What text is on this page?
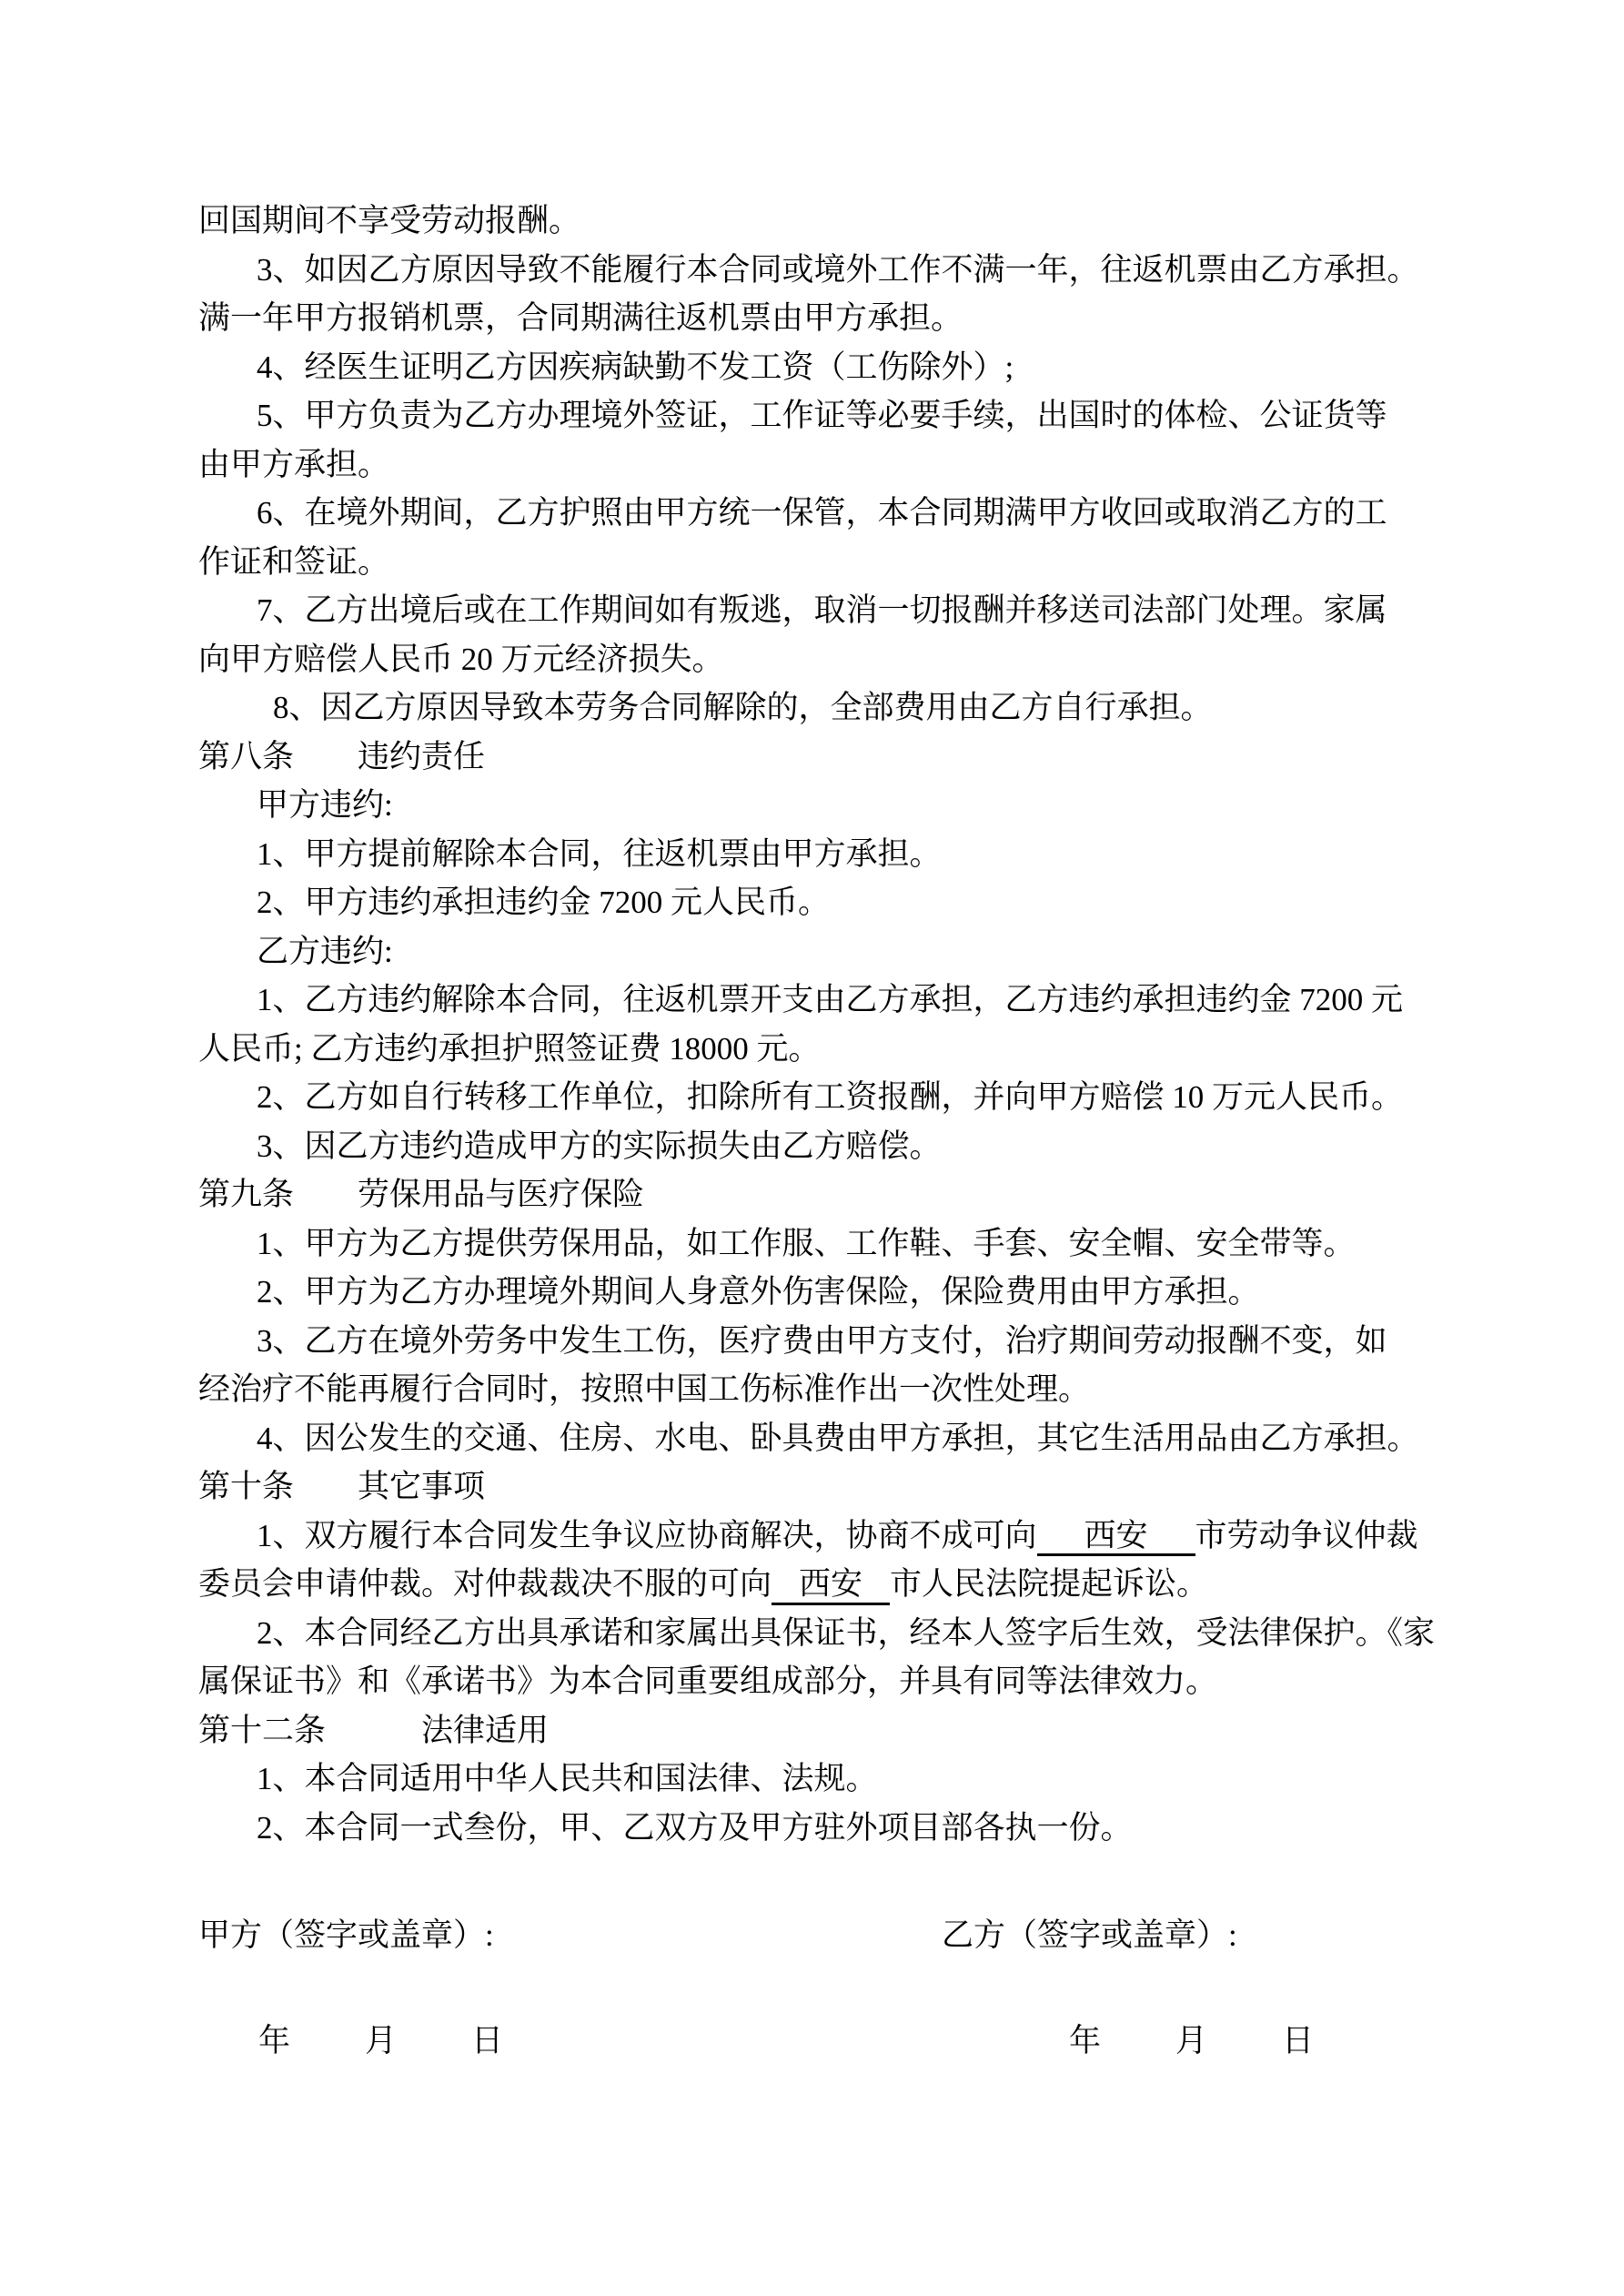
回国期间不享受劳动报酬。
3、如因乙方原因导致不能履行本合同或境外工作不满一年，往返机票由乙方承担。
满一年甲方报销机票，合同期满往返机票由甲方承担。
4、经医生证明乙方因疾病缺勤不发工资（工伤除外）;
5、甲方负责为乙方办理境外签证，工作证等必要手续，出国时的体检、公证货等
由甲方承担。
6、在境外期间，乙方护照由甲方统一保管，本合同期满甲方收回或取消乙方的工
作证和签证。
7、乙方出境后或在工作期间如有叛逃，取消一切报酬并移送司法部门处理。家属
向甲方赔偿人民币 20 万元经济损失。
8、因乙方原因导致本劳务合同解除的，全部费用由乙方自行承担。
第八条　　违约责任
甲方违约:
1、甲方提前解除本合同，往返机票由甲方承担。
2、甲方违约承担违约金 7200 元人民币。
乙方违约:
1、乙方违约解除本合同，往返机票开支由乙方承担，乙方违约承担违约金 7200 元
人民币; 乙方违约承担护照签证费 18000 元。
2、乙方如自行转移工作单位，扣除所有工资报酬，并向甲方赔偿 10 万元人民币。
3、因乙方违约造成甲方的实际损失由乙方赔偿。
第九条　　劳保用品与医疗保险
1、甲方为乙方提供劳保用品，如工作服、工作鞋、手套、安全帽、安全带等。
2、甲方为乙方办理境外期间人身意外伤害保险，保险费用由甲方承担。
3、乙方在境外劳务中发生工伤，医疗费由甲方支付，治疗期间劳动报酬不变，如
经治疗不能再履行合同时，按照中国工伤标准作出一次性处理。
4、因公发生的交通、住房、水电、卧具费由甲方承担，其它生活用品由乙方承担。
第十条　　其它事项
1、双方履行本合同发生争议应协商解决，协商不成可向 西安 市劳动争议仲裁
委员会申请仲裁。对仲裁裁决不服的可向 西安 市人民法院提起诉讼。
2、本合同经乙方出具承诺和家属出具保证书，经本人签字后生效，受法律保护。《家
属保证书》和《承诺书》为本合同重要组成部分，并具有同等法律效力。
第十二条　　　法律适用
1、本合同适用中华人民共和国法律、法规。
2、本合同一式叁份，甲、乙双方及甲方驻外项目部各执一份。
甲方（签字或盖章）:
年　　月　　日
乙方（签字或盖章）:
年　　月　　日
